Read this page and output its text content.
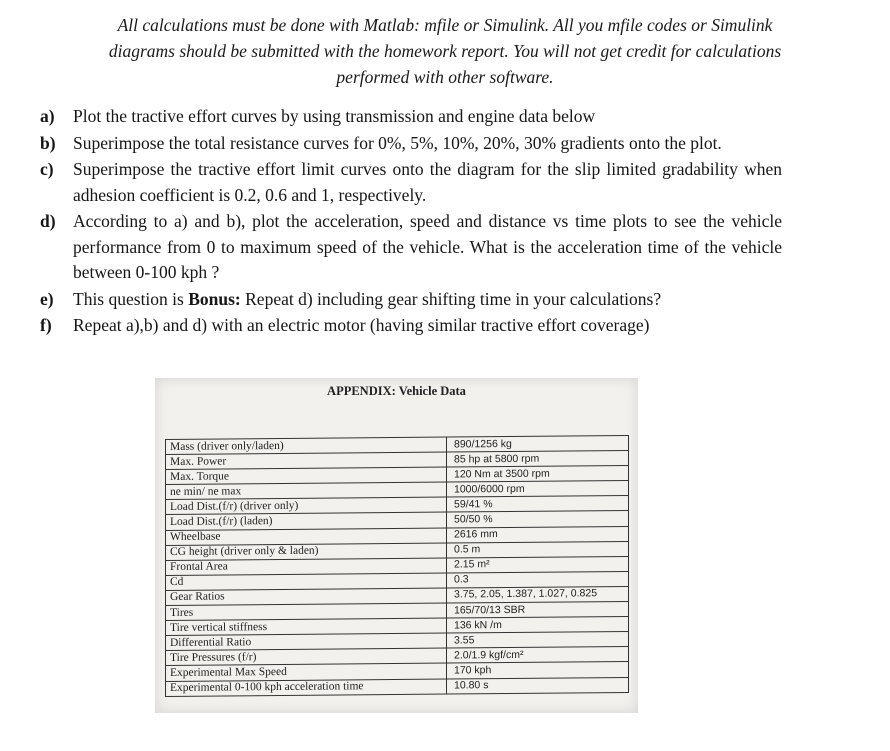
All calculations must be done with Matlab: mfile or Simulink. All you mfile codes or Simulink
diagrams should be submitted with the homework report. You will not get credit for calculations
performed with other software.
a)	Plot the tractive effort curves by using transmission and engine data below
b) Superimpose the total resistance curves for 0%, 5%, 10%, 20%, 30% gradients onto the plot.
c)	Superimpose the tractive effort limit curves onto the diagram for the slip limited gradability when adhesion coefficient is 0.2, 0.6 and 1, respectively.
d) According to a) and b), plot the acceleration, speed and distance vs time plots to see the vehicle performance from 0 to maximum speed of the vehicle. What is the acceleration time of the vehicle between 0-100 kph ?
e)	This question is Bonus: Repeat d) including gear shifting time in your calculations?
f)	Repeat a),b) and d) with an electric motor (having similar tractive effort coverage)
APPENDIX: Vehicle Data
Mass (driver only/laden)	890/1256 kg
Max. Power	85 hp at 5800 rpm
Max. Torque	120 Nm at 3500 rpm
ne min/ ne max	1000/6000 rpm
Load Dist.(f/r) (driver only)	59/41 %
Load Dist.(f/r) (laden)	50/50 %
Wheelbase	2616 mm
CG height (driver only & laden)	0.5 m
Frontal Area	2.15 m²
Cd	0.3
Gear Ratios	3.75, 2.05, 1.387, 1.027, 0.825
Tires	165/70/13 SBR
Tire vertical stiffness	136 kN /m
Differential Ratio	3.55
Tire Pressures (f/r)	2.0/1.9 kgf/cm²
Experimental Max Speed	170 kph
Experimental 0-100 kph acceleration time	10.80 s
